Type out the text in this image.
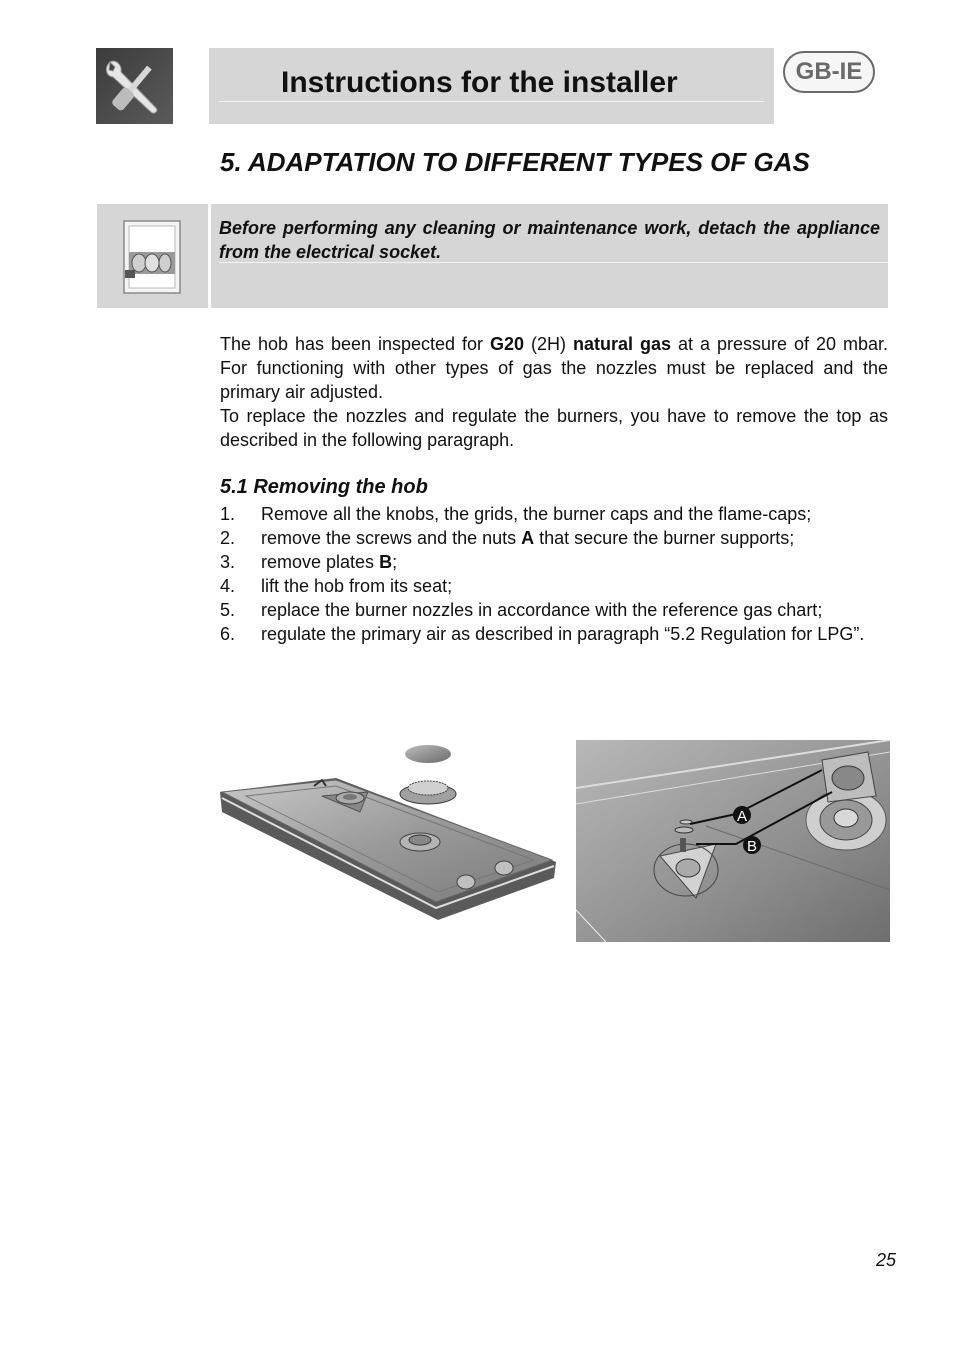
Instructions for the installer	GB-IE
5. ADAPTATION TO DIFFERENT TYPES OF GAS
Before performing any cleaning or maintenance work, detach the appliance from the electrical socket.

The hob has been inspected for G20 (2H) natural gas at a pressure of 20 mbar. For functioning with other types of gas the nozzles must be replaced and the primary air adjusted.

To replace the nozzles and regulate the burners, you have to remove the top as described in the following paragraph.

5.1 Removing the hob
1. Remove all the knobs, the grids, the burner caps and the flame-caps;
2. remove the screws and the nuts A that secure the burner supports;
3. remove plates B;
4. lift the hob from its seat;
5. replace the burner nozzles in accordance with the reference gas chart;
6. regulate the primary air as described in paragraph “5.2 Regulation for LPG”.
A
B
25
